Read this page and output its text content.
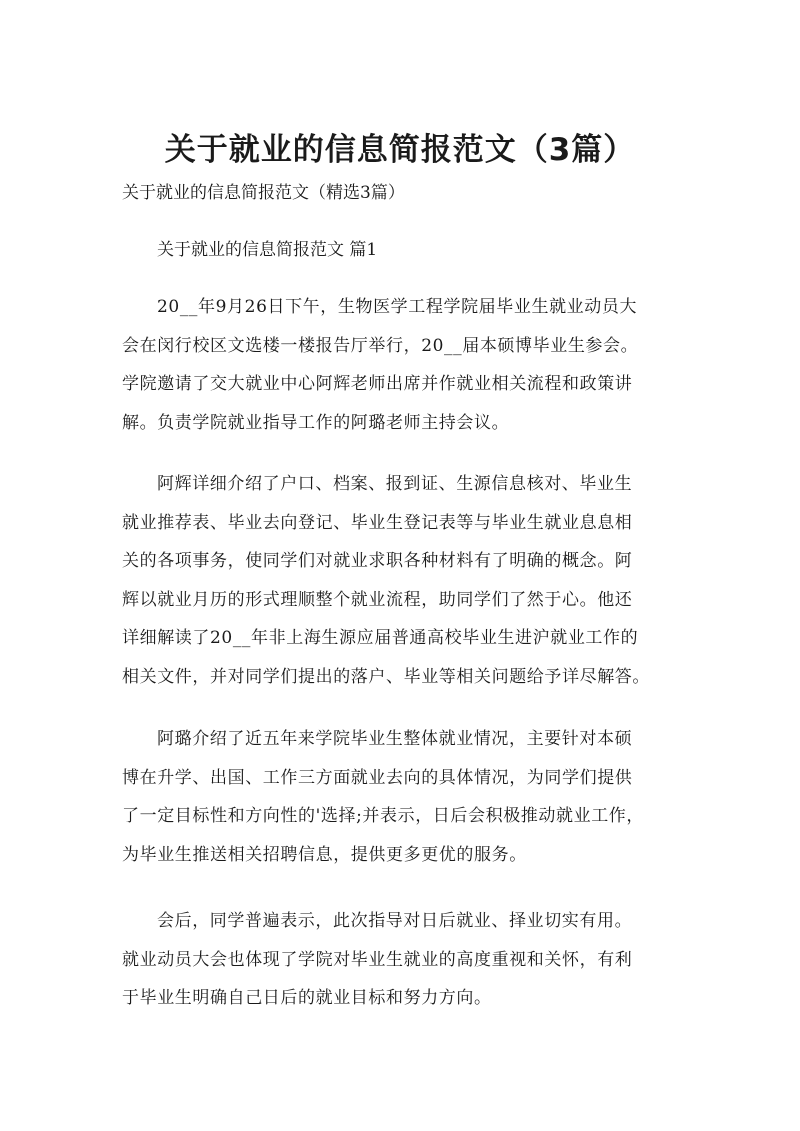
关于就业的信息简报范文（3篇）

关于就业的信息简报范文（精选3篇）

关于就业的信息简报范文 篇1

20__年9月26日下午，生物医学工程学院届毕业生就业动员大
会在闵行校区文选楼一楼报告厅举行，20__届本硕博毕业生参会。
学院邀请了交大就业中心阿辉老师出席并作就业相关流程和政策讲
解。负责学院就业指导工作的阿璐老师主持会议。

阿辉详细介绍了户口、档案、报到证、生源信息核对、毕业生
就业推荐表、毕业去向登记、毕业生登记表等与毕业生就业息息相
关的各项事务，使同学们对就业求职各种材料有了明确的概念。阿
辉以就业月历的形式理顺整个就业流程，助同学们了然于心。他还
详细解读了20__年非上海生源应届普通高校毕业生进沪就业工作的
相关文件，并对同学们提出的落户、毕业等相关问题给予详尽解答。

阿璐介绍了近五年来学院毕业生整体就业情况，主要针对本硕
博在升学、出国、工作三方面就业去向的具体情况，为同学们提供
了一定目标性和方向性的'选择;并表示，日后会积极推动就业工作，
为毕业生推送相关招聘信息，提供更多更优的服务。

会后，同学普遍表示，此次指导对日后就业、择业切实有用。
就业动员大会也体现了学院对毕业生就业的高度重视和关怀，有利
于毕业生明确自己日后的就业目标和努力方向。
